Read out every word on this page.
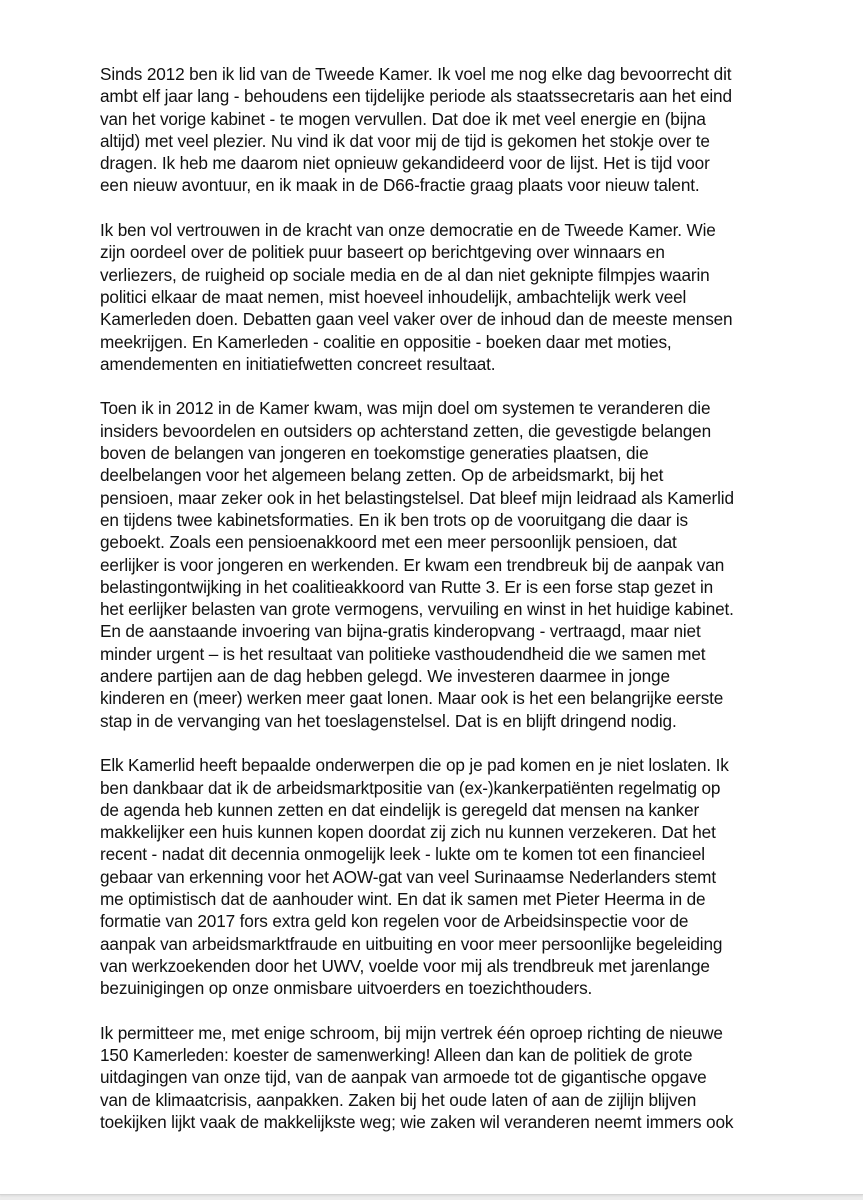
Sinds 2012 ben ik lid van de Tweede Kamer. Ik voel me nog elke dag bevoorrecht dit
ambt elf jaar lang - behoudens een tijdelijke periode als staatssecretaris aan het eind
van het vorige kabinet - te mogen vervullen. Dat doe ik met veel energie en (bijna
altijd) met veel plezier. Nu vind ik dat voor mij de tijd is gekomen het stokje over te
dragen. Ik heb me daarom niet opnieuw gekandideerd voor de lijst. Het is tijd voor
een nieuw avontuur, en ik maak in de D66-fractie graag plaats voor nieuw talent.

Ik ben vol vertrouwen in de kracht van onze democratie en de Tweede Kamer. Wie
zijn oordeel over de politiek puur baseert op berichtgeving over winnaars en
verliezers, de ruigheid op sociale media en de al dan niet geknipte filmpjes waarin
politici elkaar de maat nemen, mist hoeveel inhoudelijk, ambachtelijk werk veel
Kamerleden doen. Debatten gaan veel vaker over de inhoud dan de meeste mensen
meekrijgen. En Kamerleden - coalitie en oppositie - boeken daar met moties,
amendementen en initiatiefwetten concreet resultaat.

Toen ik in 2012 in de Kamer kwam, was mijn doel om systemen te veranderen die
insiders bevoordelen en outsiders op achterstand zetten, die gevestigde belangen
boven de belangen van jongeren en toekomstige generaties plaatsen, die
deelbelangen voor het algemeen belang zetten. Op de arbeidsmarkt, bij het
pensioen, maar zeker ook in het belastingstelsel. Dat bleef mijn leidraad als Kamerlid
en tijdens twee kabinetsformaties. En ik ben trots op de vooruitgang die daar is
geboekt. Zoals een pensioenakkoord met een meer persoonlijk pensioen, dat
eerlijker is voor jongeren en werkenden. Er kwam een trendbreuk bij de aanpak van
belastingontwijking in het coalitieakkoord van Rutte 3. Er is een forse stap gezet in
het eerlijker belasten van grote vermogens, vervuiling en winst in het huidige kabinet.
En de aanstaande invoering van bijna-gratis kinderopvang - vertraagd, maar niet
minder urgent – is het resultaat van politieke vasthoudendheid die we samen met
andere partijen aan de dag hebben gelegd. We investeren daarmee in jonge
kinderen en (meer) werken meer gaat lonen. Maar ook is het een belangrijke eerste
stap in de vervanging van het toeslagenstelsel. Dat is en blijft dringend nodig.

Elk Kamerlid heeft bepaalde onderwerpen die op je pad komen en je niet loslaten. Ik
ben dankbaar dat ik de arbeidsmarktpositie van (ex-)kankerpatiënten regelmatig op
de agenda heb kunnen zetten en dat eindelijk is geregeld dat mensen na kanker
makkelijker een huis kunnen kopen doordat zij zich nu kunnen verzekeren. Dat het
recent - nadat dit decennia onmogelijk leek - lukte om te komen tot een financieel
gebaar van erkenning voor het AOW-gat van veel Surinaamse Nederlanders stemt
me optimistisch dat de aanhouder wint. En dat ik samen met Pieter Heerma in de
formatie van 2017 fors extra geld kon regelen voor de Arbeidsinspectie voor de
aanpak van arbeidsmarktfraude en uitbuiting en voor meer persoonlijke begeleiding
van werkzoekenden door het UWV, voelde voor mij als trendbreuk met jarenlange
bezuinigingen op onze onmisbare uitvoerders en toezichthouders.

Ik permitteer me, met enige schroom, bij mijn vertrek één oproep richting de nieuwe
150 Kamerleden: koester de samenwerking! Alleen dan kan de politiek de grote
uitdagingen van onze tijd, van de aanpak van armoede tot de gigantische opgave
van de klimaatcrisis, aanpakken. Zaken bij het oude laten of aan de zijlijn blijven
toekijken lijkt vaak de makkelijkste weg; wie zaken wil veranderen neemt immers ook
